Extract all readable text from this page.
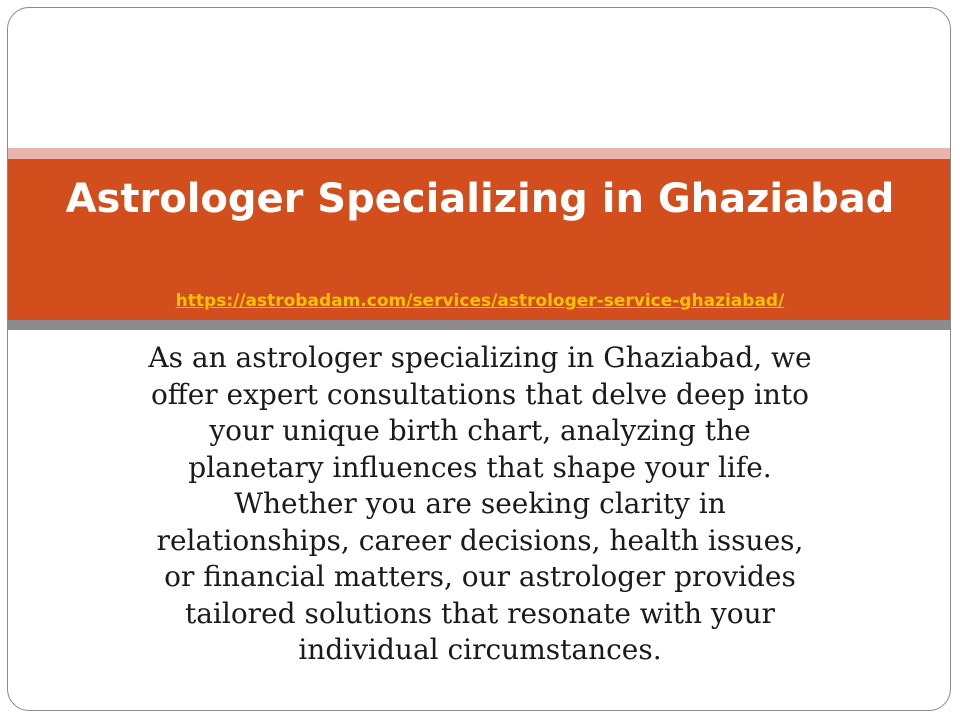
Astrologer Specializing in Ghaziabad
https://astrobadam.com/services/astrologer-service-ghaziabad/

As an astrologer specializing in Ghaziabad, we offer expert consultations that delve deep into your unique birth chart, analyzing the planetary influences that shape your life. Whether you are seeking clarity in relationships, career decisions, health issues, or financial matters, our astrologer provides tailored solutions that resonate with your individual circumstances.
